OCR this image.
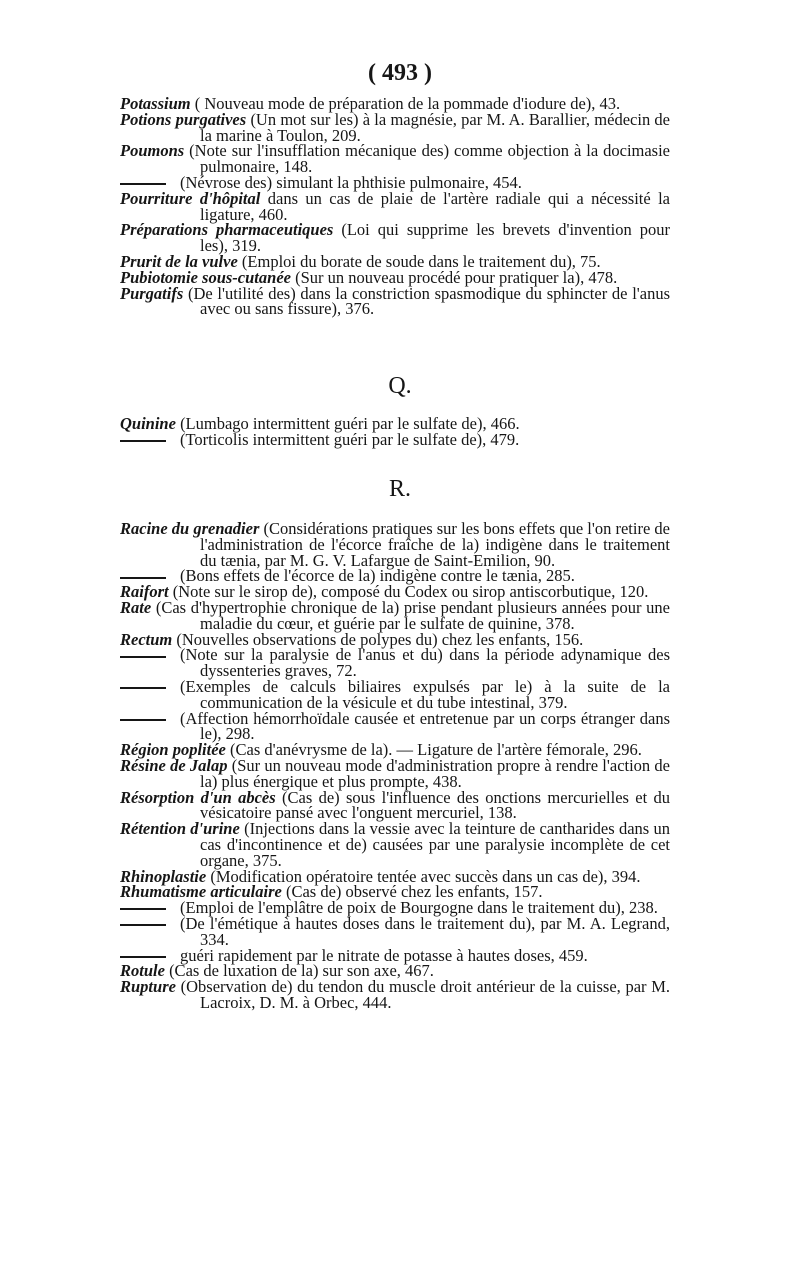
( 493 )

Potassium ( Nouveau mode de préparation de la pommade d'iodure de), 43.

Potions purgatives (Un mot sur les) à la magnésie, par M. A. Barallier, médecin de la marine à Toulon, 209.

Poumons (Note sur l'insufflation mécanique des) comme objection à la docimasie pulmonaire, 148.

(Névrose des) simulant la phthisie pulmonaire, 454.

Pourriture d'hôpital dans un cas de plaie de l'artère radiale qui a nécessité la ligature, 460.

Préparations pharmaceutiques (Loi qui supprime les brevets d'invention pour les), 319.

Prurit de la vulve (Emploi du borate de soude dans le traitement du), 75.

Pubiotomie sous-cutanée (Sur un nouveau procédé pour pratiquer la), 478.

Purgatifs (De l'utilité des) dans la constriction spasmodique du sphincter de l'anus avec ou sans fissure), 376.

Q.

Quinine (Lumbago intermittent guéri par le sulfate de), 466.

(Torticolis intermittent guéri par le sulfate de), 479.

R.

Racine du grenadier (Considérations pratiques sur les bons effets que l'on retire de l'administration de l'écorce fraîche de la) indigène dans le traitement du tænia, par M. G. V. Lafargue de Saint-Emilion, 90.

(Bons effets de l'écorce de la) indigène contre le tænia, 285.

Raifort (Note sur le sirop de), composé du Codex ou sirop antiscorbutique, 120.

Rate (Cas d'hypertrophie chronique de la) prise pendant plusieurs années pour une maladie du cœur, et guérie par le sulfate de quinine, 378.

Rectum (Nouvelles observations de polypes du) chez les enfants, 156.

(Note sur la paralysie de l'anus et du) dans la période adynamique des dyssenteries graves, 72.

(Exemples de calculs biliaires expulsés par le) à la suite de la communication de la vésicule et du tube intestinal, 379.

(Affection hémorrhoïdale causée et entretenue par un corps étranger dans le), 298.

Région poplitée (Cas d'anévrysme de la). — Ligature de l'artère fémorale, 296.

Résine de Jalap (Sur un nouveau mode d'administration propre à rendre l'action de la) plus énergique et plus prompte, 438.

Résorption d'un abcès (Cas de) sous l'influence des onctions mercurielles et du vésicatoire pansé avec l'onguent mercuriel, 138.

Rétention d'urine (Injections dans la vessie avec la teinture de cantharides dans un cas d'incontinence et de) causées par une paralysie incomplète de cet organe, 375.

Rhinoplastie (Modification opératoire tentée avec succès dans un cas de), 394.

Rhumatisme articulaire (Cas de) observé chez les enfants, 157.

(Emploi de l'emplâtre de poix de Bourgogne dans le traitement du), 238.

(De l'émétique à hautes doses dans le traitement du), par M. A. Legrand, 334.

guéri rapidement par le nitrate de potasse à hautes doses, 459.

Rotule (Cas de luxation de la) sur son axe, 467.

Rupture (Observation de) du tendon du muscle droit antérieur de la cuisse, par M. Lacroix, D. M. à Orbec, 444.
